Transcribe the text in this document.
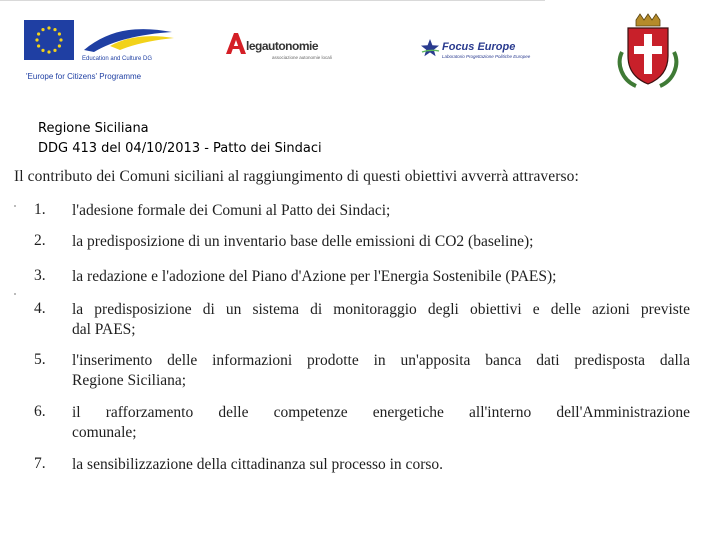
Education and Culture DG
'Europe for Citizens' Programme
legautonomie
associazione autonomie locali
Focus Europe
Laboratorio Progettazione Politiche Europee
Regione Siciliana
DDG 413 del 04/10/2013 - Patto dei Sindaci
Il contributo dei Comuni siciliani al raggiungimento di questi obiettivi avverrà attraverso:
1. l'adesione formale dei Comuni al Patto dei Sindaci;
2. la predisposizione di un inventario base delle emissioni di CO2 (baseline);
3. la redazione e l'adozione del Piano d'Azione per l'Energia Sostenibile (PAES);
4. la predisposizione di un sistema di monitoraggio degli obiettivi e delle azioni previste
dal PAES;
5. l'inserimento delle informazioni prodotte in un'apposita banca dati predisposta dalla
Regione Siciliana;
6. il rafforzamento delle competenze energetiche all'interno dell'Amministrazione
comunale;
7. la sensibilizzazione della cittadinanza sul processo in corso.
